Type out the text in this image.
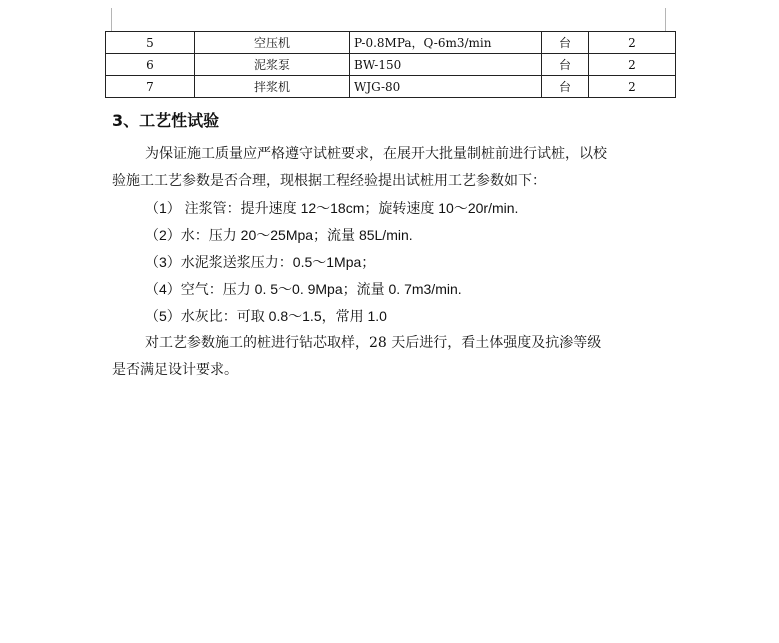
5	空压机	P-0.8MPa，Q-6m3/min	台	2
6	泥浆泵	BW-150	台	2
7	拌浆机	WJG-80	台	2
3、工艺性试验
为保证施工质量应严格遵守试桩要求，在展开大批量制桩前进行试桩，以校
验施工工艺参数是否合理，现根据工程经验提出试桩用工艺参数如下：
（1） 注浆管：提升速度 12～18cm；旋转速度 10～20r/min.
（2）水：压力 20～25Mpa；流量 85L/min.
（3）水泥浆送浆压力：0.5～1Mpa；
（4）空气：压力 0. 5～0. 9Mpa；流量 0. 7m3/min.
（5）水灰比：可取 0.8～1.5，常用 1.0
对工艺参数施工的桩进行钻芯取样，28 天后进行，看土体强度及抗渗等级
是否满足设计要求。
